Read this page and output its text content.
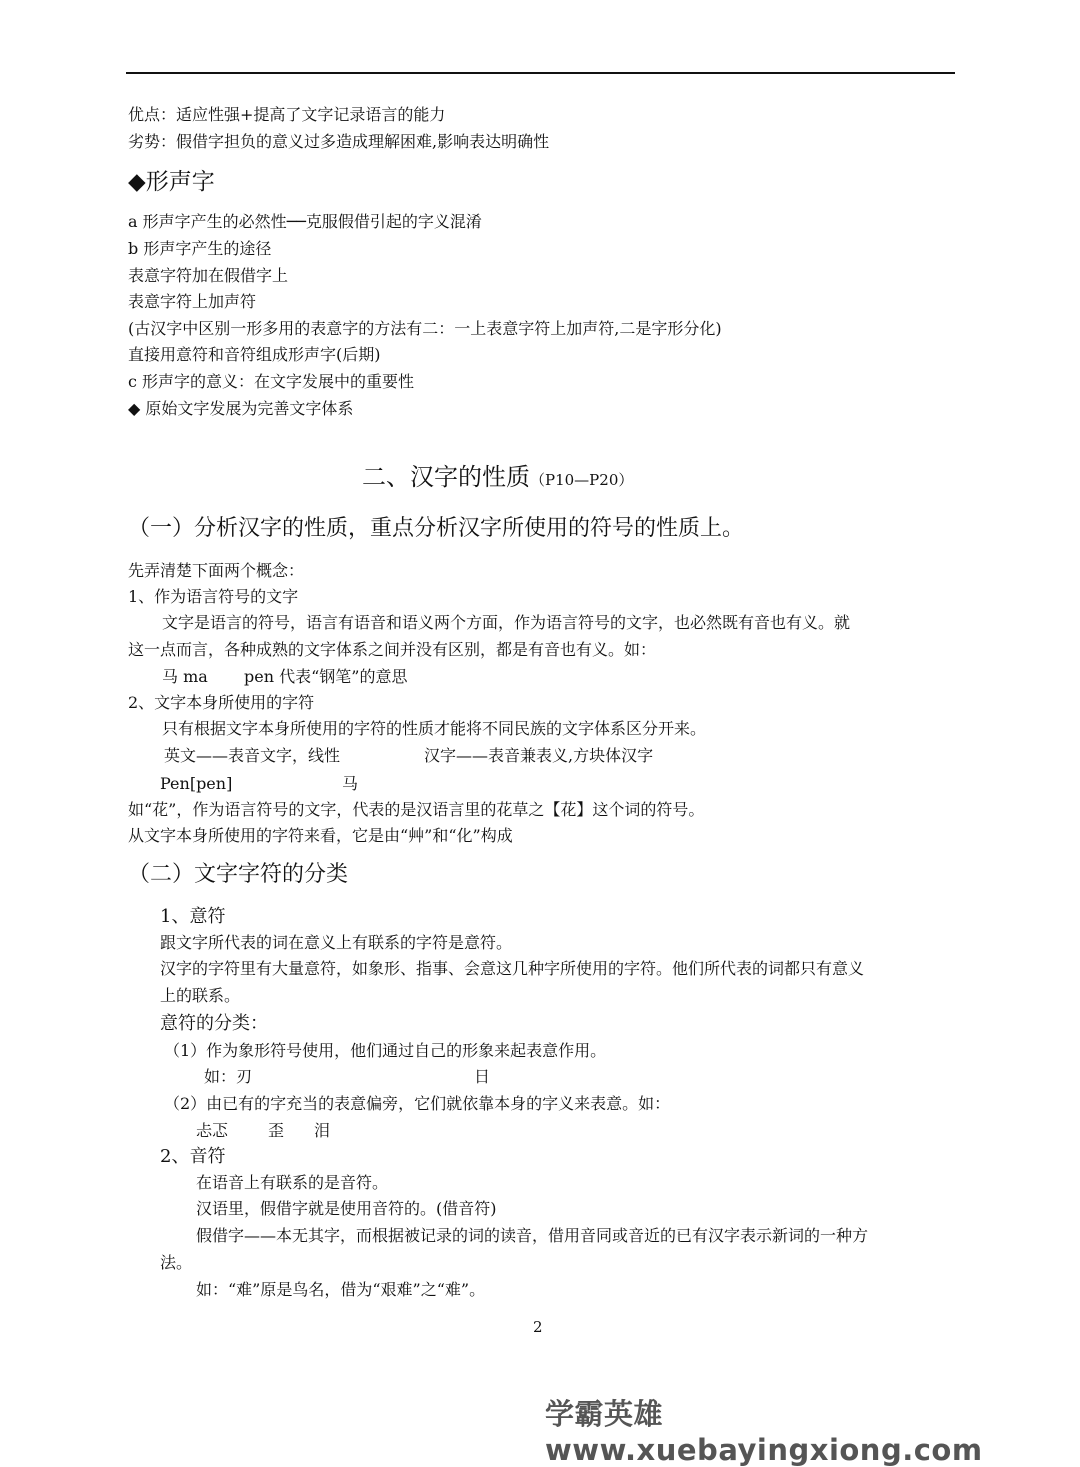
优点：适应性强+提高了文字记录语言的能力
劣势：假借字担负的意义过多造成理解困难,影响表达明确性
◆形声字
a 形声字产生的必然性──克服假借引起的字义混淆
b 形声字产生的途径
表意字符加在假借字上
表意字符上加声符
(古汉字中区别一形多用的表意字的方法有二：一上表意字符上加声符,二是字形分化)
直接用意符和音符组成形声字(后期)
c 形声字的意义：在文字发展中的重要性
◆ 原始文字发展为完善文字体系
二、汉字的性质（P10—P20）
（一）分析汉字的性质，重点分析汉字所使用的符号的性质上。
先弄清楚下面两个概念：
1、作为语言符号的文字
文字是语言的符号，语言有语音和语义两个方面，作为语言符号的文字，也必然既有音也有义。就
这一点而言，各种成熟的文字体系之间并没有区别，都是有音也有义。如：
马 ma pen 代表“钢笔”的意思
2、文字本身所使用的字符
只有根据文字本身所使用的字符的性质才能将不同民族的文字体系区分开来。
英文——表音文字，线性	汉字——表音兼表义,方块体汉字
Pen[pen]	马
如“花”，作为语言符号的文字，代表的是汉语言里的花草之【花】这个词的符号。
从文字本身所使用的字符来看，它是由“艸”和“化”构成
（二）文字字符的分类
1、意符
跟文字所代表的词在意义上有联系的字符是意符。
汉字的字符里有大量意符，如象形、指事、会意这几种字所使用的字符。他们所代表的词都只有意义
上的联系。
意符的分类：
（1）作为象形符号使用，他们通过自己的形象来起表意作用。
如：刃	日
（2）由已有的字充当的表意偏旁，它们就依靠本身的字义来表意。如：
忐忑 歪 泪
2、音符
在语音上有联系的是音符。
汉语里，假借字就是使用音符的。(借音符)
假借字——本无其字，而根据被记录的词的读音，借用音同或音近的已有汉字表示新词的一种方
法。
如：“难”原是鸟名，借为“艰难”之“难”。
2
学霸英雄 www.xuebayingxiong.com
